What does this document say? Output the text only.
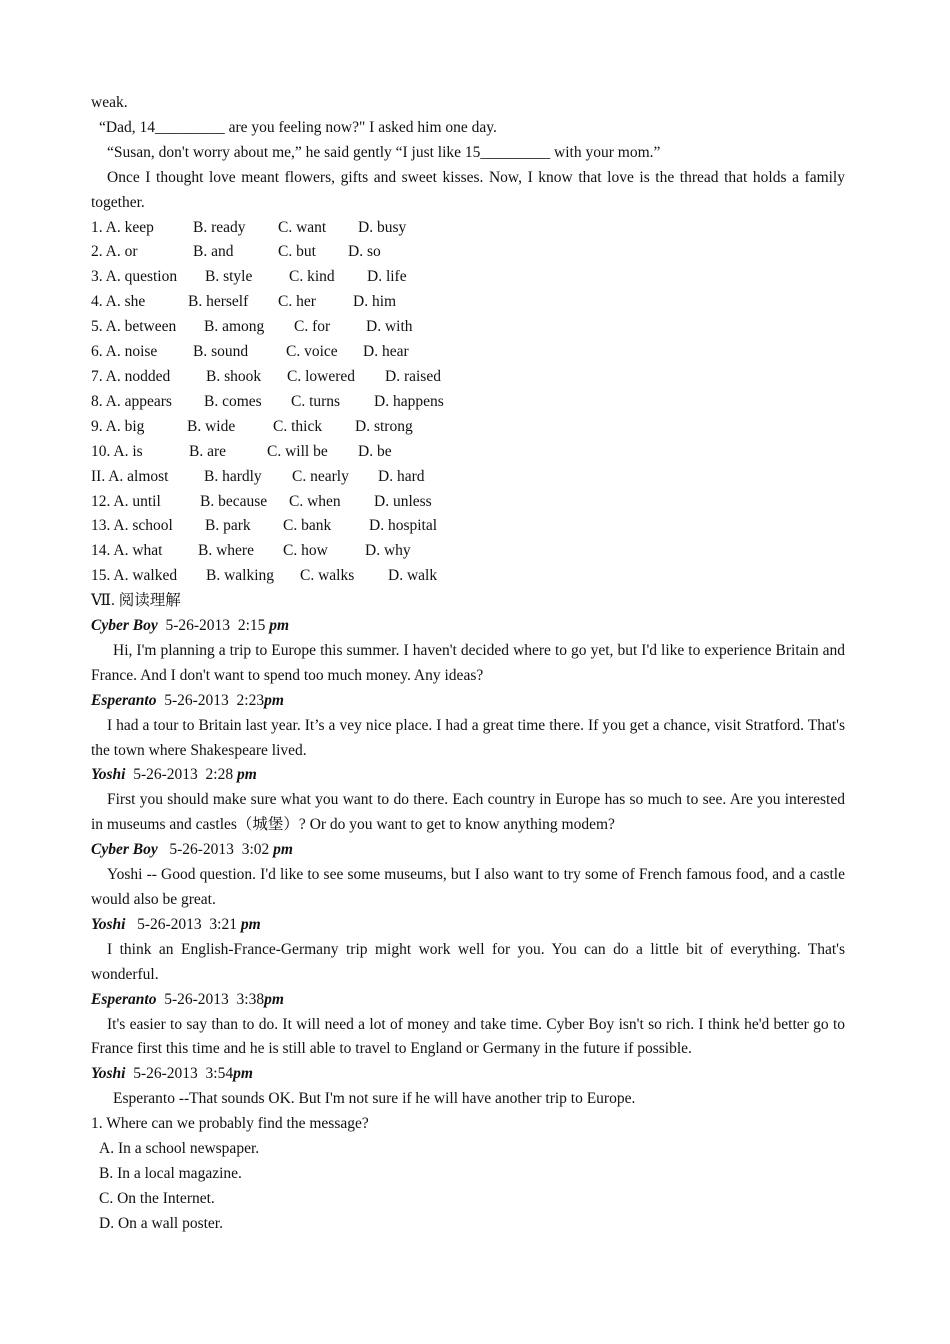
weak.

“Dad, 14_________ are you feeling now?" I asked him one day.

“Susan, don't worry about me,” he said gently “I just like 15_________ with your mom.”

Once I thought love meant flowers, gifts and sweet kisses. Now, I know that love is the thread that holds a family together.

1. A. keep	B. ready	C. want	D. busy
2. A. or	B. and	C. but	D. so
3. A. question	B. style	C. kind	D. life
4. A. she	B. herself	C. her	D. him
5. A. between	B. among	C. for	D. with
6. A. noise	B. sound	C. voice	D. hear
7. A. nodded	B. shook	C. lowered	D. raised
8. A. appears	B. comes	C. turns	D. happens
9. A. big	B. wide	C. thick	D. strong
10. A. is	B. are	C. will be	D. be
II. A. almost	B. hardly	C. nearly	D. hard
12. A. until	B. because	C. when	D. unless
13. A. school	B. park	C. bank	D. hospital
14. A. what	B. where	C. how	D. why
15. A. walked	B. walking	C. walks	D. walk
Ⅶ. 阅读理解
Cyber Boy 5-26-2013 2:15 pm

Hi, I'm planning a trip to Europe this summer. I haven't decided where to go yet, but I'd like to experience Britain and France. And I don't want to spend too much money. Any ideas?

Esperanto 5-26-2013 2:23pm

I had a tour to Britain last year. It’s a vey nice place. I had a great time there. If you get a chance, visit Stratford. That's the town where Shakespeare lived.

Yoshi 5-26-2013 2:28 pm

First you should make sure what you want to do there. Each country in Europe has so much to see. Are you interested in museums and castles（城堡）? Or do you want to get to know anything modem?

Cyber Boy 5-26-2013 3:02 pm

Yoshi -- Good question. I'd like to see some museums, but I also want to try some of French famous food, and a castle would also be great.

Yoshi 5-26-2013 3:21 pm

I think an English-France-Germany trip might work well for you. You can do a little bit of everything. That's wonderful.

Esperanto 5-26-2013 3:38pm

It's easier to say than to do. It will need a lot of money and take time. Cyber Boy isn't so rich. I think he'd better go to France first this time and he is still able to travel to England or Germany in the future if possible.

Yoshi 5-26-2013 3:54pm

Esperanto --That sounds OK. But I'm not sure if he will have another trip to Europe.

1. Where can we probably find the message?
A. In a school newspaper.
B. In a local magazine.
C. On the Internet.
D. On a wall poster.
